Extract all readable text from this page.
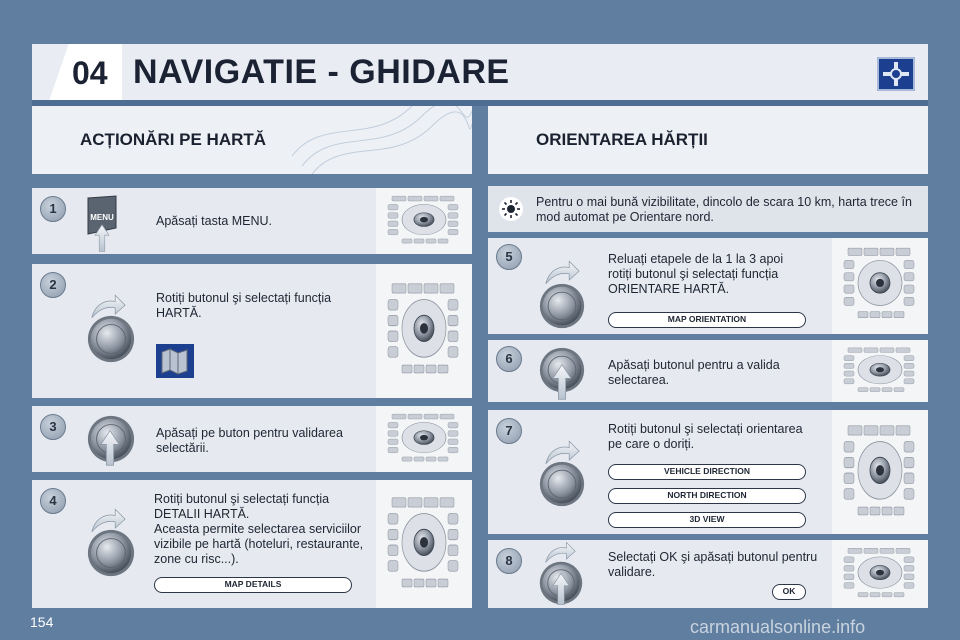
04 NAVIGATIE - GHIDARE
ACȚIONĂRI PE HARTĂ	ORIENTAREA HĂRȚII
Pentru o mai bună vizibilitate, dincolo de scara 10 km, harta trece în mod automat pe Orientare nord.
1
MENU	Apăsați tasta MENU.
2
Rotiți butonul şi selectați funcția HARTĂ.
3	Apăsați pe buton pentru validarea selectării.
4	Rotiți butonul şi selectați funcția DETALII HARTĂ.
Aceasta permite selectarea serviciilor vizibile pe hartă (hoteluri, restaurante, zone cu risc...).
MAP DETAILS
5	Reluați etapele de la 1 la 3 apoi rotiți butonul şi selectați funcția ORIENTARE HARTĂ.
MAP ORIENTATION
6	Apăsați butonul pentru a valida selectarea.
7	Rotiți butonul şi selectați orientarea pe care o doriți.
VEHICLE DIRECTION
NORTH DIRECTION
3D VIEW
8	Selectați OK şi apăsați butonul pentru validare.
OK
154	carmanualsonline.info
